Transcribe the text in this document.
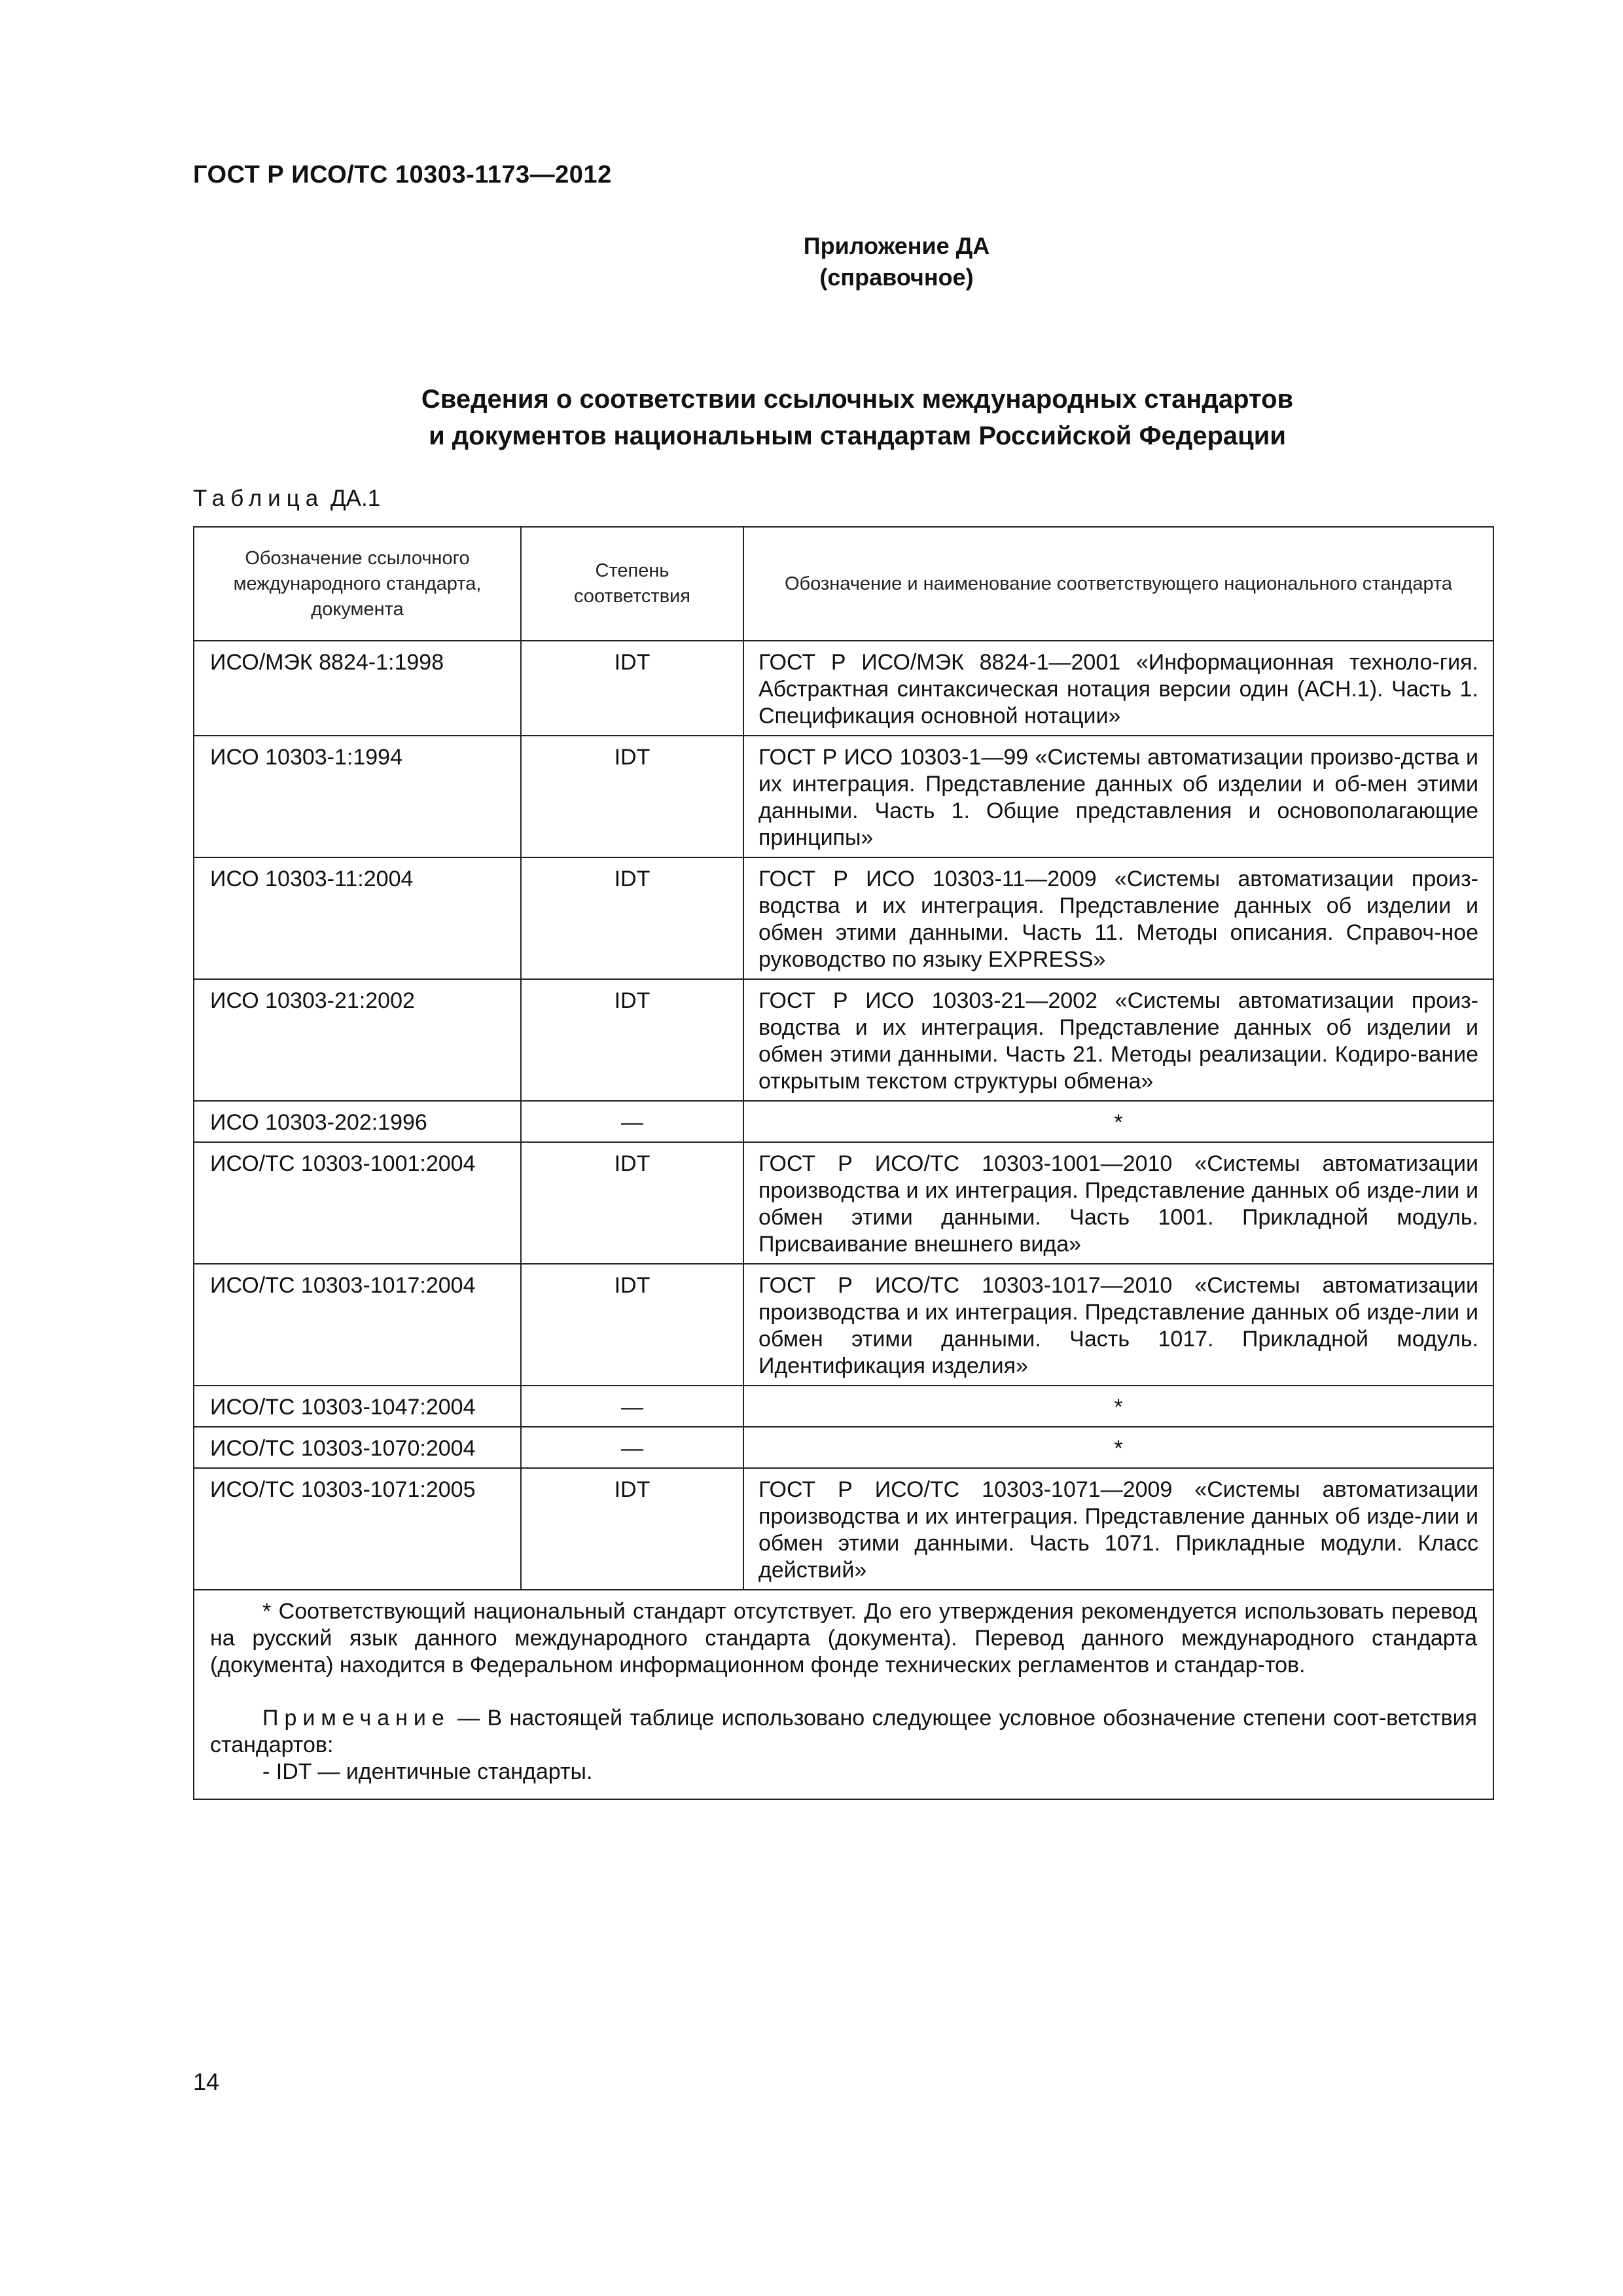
ГОСТ Р ИСО/ТС 10303-1173—2012
Приложение ДА
(справочное)
Сведения о соответствии ссылочных международных стандартов
и документов национальным стандартам Российской Федерации
Таблица ДА.1
Обозначение ссылочного международного стандарта, документа	Степень соответствия	Обозначение и наименование соответствующего национального стандарта
ИСО/МЭК 8824-1:1998	IDT	ГОСТ Р ИСО/МЭК 8824-1—2001 «Информационная техноло-гия. Абстрактная синтаксическая нотация версии один (АСН.1). Часть 1. Спецификация основной нотации»
ИСО 10303-1:1994	IDT	ГОСТ Р ИСО 10303-1—99 «Системы автоматизации произво-дства и их интеграция. Представление данных об изделии и об-мен этими данными. Часть 1. Общие представления и основополагающие принципы»
ИСО 10303-11:2004	IDT	ГОСТ Р ИСО 10303-11—2009 «Системы автоматизации произ-водства и их интеграция. Представление данных об изделии и обмен этими данными. Часть 11. Методы описания. Справоч-ное руководство по языку EXPRESS»
ИСО 10303-21:2002	IDT	ГОСТ Р ИСО 10303-21—2002 «Системы автоматизации произ-водства и их интеграция. Представление данных об изделии и обмен этими данными. Часть 21. Методы реализации. Кодиро-вание открытым текстом структуры обмена»
ИСО 10303-202:1996	—	*
ИСО/ТС 10303-1001:2004	IDT	ГОСТ Р ИСО/ТС 10303-1001—2010 «Системы автоматизации производства и их интеграция. Представление данных об изде-лии и обмен этими данными. Часть 1001. Прикладной модуль. Присваивание внешнего вида»
ИСО/ТС 10303-1017:2004	IDT	ГОСТ Р ИСО/ТС 10303-1017—2010 «Системы автоматизации производства и их интеграция. Представление данных об изде-лии и обмен этими данными. Часть 1017. Прикладной модуль. Идентификация изделия»
ИСО/ТС 10303-1047:2004	—	*
ИСО/ТС 10303-1070:2004	—	*
ИСО/ТС 10303-1071:2005	IDT	ГОСТ Р ИСО/ТС 10303-1071—2009 «Системы автоматизации производства и их интеграция. Представление данных об изде-лии и обмен этими данными. Часть 1071. Прикладные модули. Класс действий»

* Соответствующий национальный стандарт отсутствует. До его утверждения рекомендуется использовать перевод на русский язык данного международного стандарта (документа). Перевод данного международного стандарта (документа) находится в Федеральном информационном фонде технических регламентов и стандар-тов.

Примечание — В настоящей таблице использовано следующее условное обозначение степени соот-ветствия стандартов:

- IDT — идентичные стандарты.		

14
